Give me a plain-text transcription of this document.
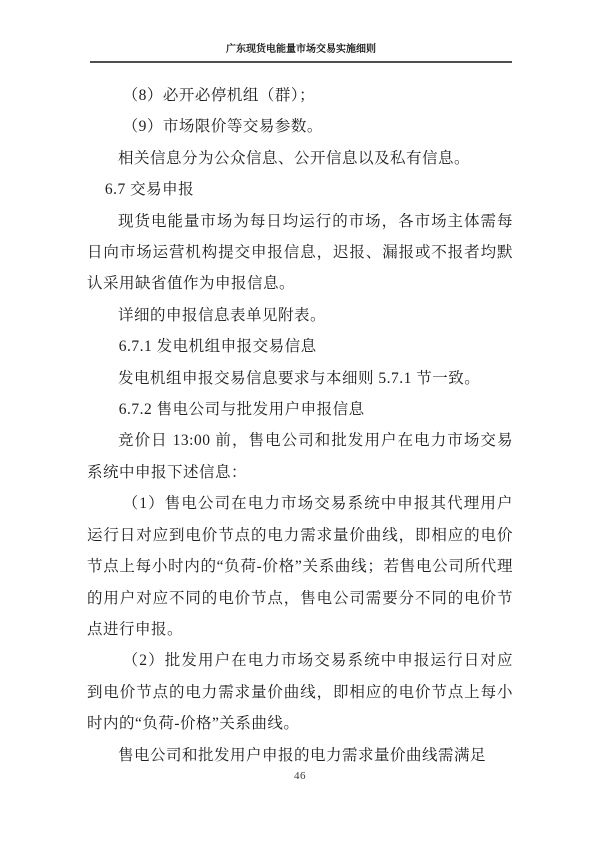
广东现货电能量市场交易实施细则

（8）必开必停机组（群）；

（9）市场限价等交易参数。

相关信息分为公众信息、公开信息以及私有信息。

6.7 交易申报

现货电能量市场为每日均运行的市场，各市场主体需每日向市场运营机构提交申报信息，迟报、漏报或不报者均默认采用缺省值作为申报信息。

详细的申报信息表单见附表。

6.7.1 发电机组申报交易信息

发电机组申报交易信息要求与本细则 5.7.1 节一致。

6.7.2 售电公司与批发用户申报信息

竞价日 13:00 前，售电公司和批发用户在电力市场交易系统中申报下述信息：

（1）售电公司在电力市场交易系统中申报其代理用户运行日对应到电价节点的电力需求量价曲线，即相应的电价节点上每小时内的“负荷-价格”关系曲线；若售电公司所代理的用户对应不同的电价节点，售电公司需要分不同的电价节点进行申报。

（2）批发用户在电力市场交易系统中申报运行日对应到电价节点的电力需求量价曲线，即相应的电价节点上每小时内的“负荷-价格”关系曲线。

售电公司和批发用户申报的电力需求量价曲线需满足

46
